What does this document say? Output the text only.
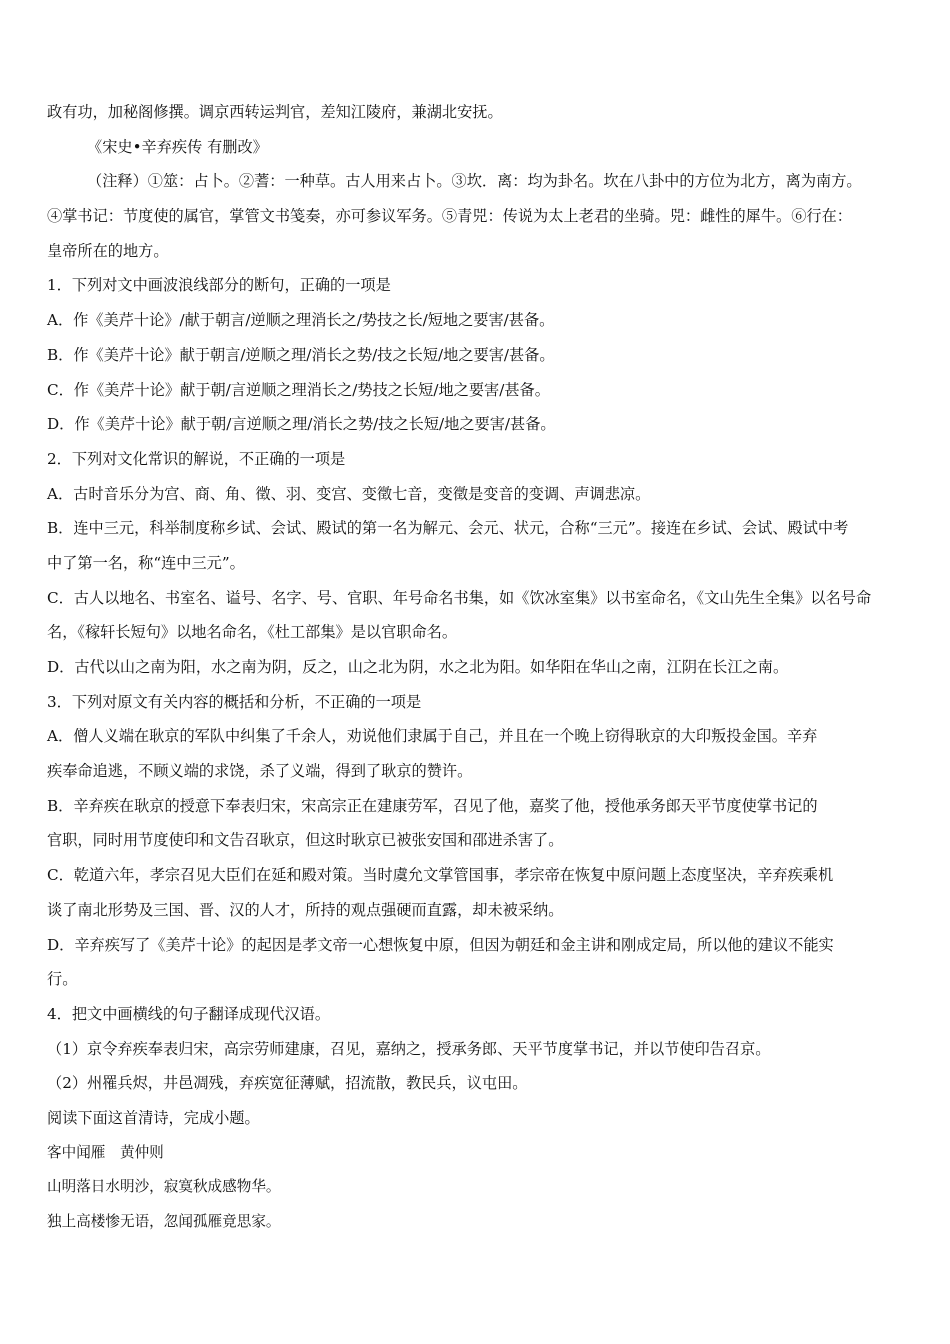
政有功，加秘阁修撰。调京西转运判官，差知江陵府，兼湖北安抚。

《宋史•辛弃疾传 有删改》

（注释）①筮：占卜。②蓍：一种草。古人用来占卜。③坎．离：均为卦名。坎在八卦中的方位为北方，离为南方。

④掌书记：节度使的属官，掌管文书笺奏，亦可参议军务。⑤青兕：传说为太上老君的坐骑。兕：雌性的犀牛。⑥行在：

皇帝所在的地方。

1．下列对文中画波浪线部分的断句，正确的一项是

A．作《美芹十论》/献于朝言/逆顺之理消长之/势技之长/短地之要害/甚备。

B．作《美芹十论》献于朝言/逆顺之理/消长之势/技之长短/地之要害/甚备。

C．作《美芹十论》献于朝/言逆顺之理消长之/势技之长短/地之要害/甚备。

D．作《美芹十论》献于朝/言逆顺之理/消长之势/技之长短/地之要害/甚备。

2．下列对文化常识的解说，不正确的一项是

A．古时音乐分为宫、商、角、徵、羽、变宫、变徵七音，变徵是变音的变调、声调悲凉。

B．连中三元，科举制度称乡试、会试、殿试的第一名为解元、会元、状元，合称“三元”。接连在乡试、会试、殿试中考

中了第一名，称“连中三元”。

C．古人以地名、书室名、谥号、名字、号、官职、年号命名书集，如《饮冰室集》以书室命名，《文山先生全集》以名号命

名，《稼轩长短句》以地名命名，《杜工部集》是以官职命名。

D．古代以山之南为阳，水之南为阴，反之，山之北为阴，水之北为阳。如华阳在华山之南，江阴在长江之南。

3．下列对原文有关内容的概括和分析，不正确的一项是

A．僧人义端在耿京的军队中纠集了千余人，劝说他们隶属于自己，并且在一个晚上窃得耿京的大印叛投金国。辛弃

疾奉命追逃，不顾义端的求饶，杀了义端，得到了耿京的赞许。

B．辛弃疾在耿京的授意下奉表归宋，宋高宗正在建康劳军，召见了他，嘉奖了他，授他承务郎天平节度使掌书记的

官职，同时用节度使印和文告召耿京，但这时耿京已被张安国和邵进杀害了。

C．乾道六年，孝宗召见大臣们在延和殿对策。当时虞允文掌管国事，孝宗帝在恢复中原问题上态度坚决，辛弃疾乘机

谈了南北形势及三国、晋、汉的人才，所持的观点强硬而直露，却未被采纳。

D．辛弃疾写了《美芹十论》的起因是孝文帝一心想恢复中原，但因为朝廷和金主讲和刚成定局，所以他的建议不能实

行。

4．把文中画横线的句子翻译成现代汉语。

（1）京令弃疾奉表归宋，高宗劳师建康，召见，嘉纳之，授承务郎、天平节度掌书记，并以节使印告召京。

（2）州罹兵烬，井邑凋残，弃疾宽征薄赋，招流散，教民兵，议屯田。

阅读下面这首清诗，完成小题。

客中闻雁　黄仲则

山明落日水明沙，寂寞秋成感物华。

独上高楼惨无语，忽闻孤雁竟思家。
